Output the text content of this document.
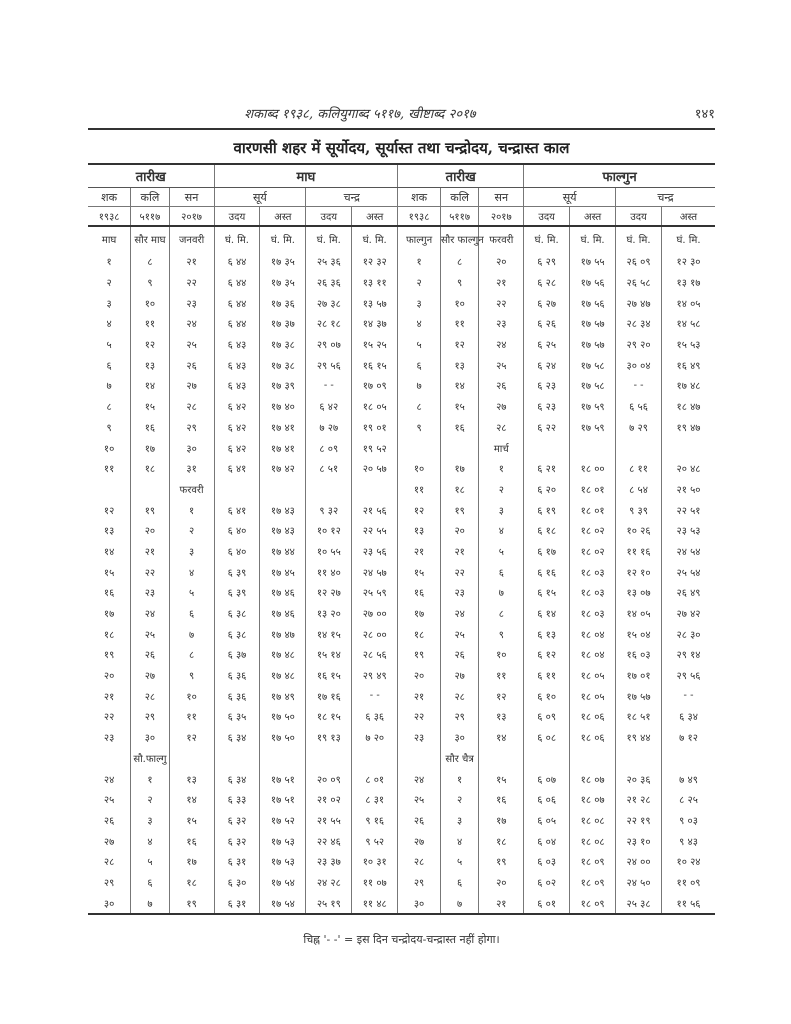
शकाब्द १९३८, कलियुगाब्द ५११७, खीष्टाब्द २०१७	१४१
वारणसी शहर में सूर्योदय, सूर्यास्त तथा चन्द्रोदय, चन्द्रास्त काल
तारीख			माघ				तारीख			फाल्गुन			
शक	कलि	सन	सूर्य		चन्द्र		शक	कलि	सन	सूर्य		चन्द्र	
१९३८	५११७	२०१७	उदय	अस्त	उदय	अस्त	१९३८	५११७	२०१७	उदय	अस्त	उदय	अस्त
माघ	सौर माघ	जनवरी	घं. मि.	घं. मि.	घं. मि.	घं. मि.	फाल्गुन	सौर फाल्गुन	फरवरी	घं. मि.	घं. मि.	घं. मि.	घं. मि.
१	८	२१	६ ४४	१७ ३५	२५ ३६	१२ ३२	१	८	२०	६ २९	१७ ५५	२६ ०९	१२ ३०
२	९	२२	६ ४४	१७ ३५	२६ ३६	१३ ११	२	९	२१	६ २८	१७ ५६	२६ ५८	१३ १७
३	१०	२३	६ ४४	१७ ३६	२७ ३८	१३ ५७	३	१०	२२	६ २७	१७ ५६	२७ ४७	१४ ०५
४	११	२४	६ ४४	१७ ३७	२८ १८	१४ ३७	४	११	२३	६ २६	१७ ५७	२८ ३४	१४ ५८
५	१२	२५	६ ४३	१७ ३८	२९ ०७	१५ २५	५	१२	२४	६ २५	१७ ५७	२९ २०	१५ ५३
६	१३	२६	६ ४३	१७ ३८	२९ ५६	१६ १५	६	१३	२५	६ २४	१७ ५८	३० ०४	१६ ४९
७	१४	२७	६ ४३	१७ ३९	- -	१७ ०९	७	१४	२६	६ २३	१७ ५८	- -	१७ ४८
८	१५	२८	६ ४२	१७ ४०	६ ४२	१८ ०५	८	१५	२७	६ २३	१७ ५९	६ ५६	१८ ४७
९	१६	२९	६ ४२	१७ ४१	७ २७	१९ ०१	९	१६	२८	६ २२	१७ ५९	७ २९	१९ ४७
१०	१७	३०	६ ४२	१७ ४१	८ ०९	१९ ५२			मार्च				
११	१८	३१	६ ४१	१७ ४२	८ ५१	२० ५७	१०	१७	१	६ २१	१८ ००	८ ११	२० ४८
		फरवरी					११	१८	२	६ २०	१८ ०१	८ ५४	२१ ५०
१२	१९	१	६ ४१	१७ ४३	९ ३२	२१ ५६	१२	१९	३	६ १९	१८ ०१	९ ३९	२२ ५१
१३	२०	२	६ ४०	१७ ४३	१० १२	२२ ५५	१३	२०	४	६ १८	१८ ०२	१० २६	२३ ५३
१४	२१	३	६ ४०	१७ ४४	१० ५५	२३ ५६	२१	२१	५	६ १७	१८ ०२	११ १६	२४ ५४
१५	२२	४	६ ३९	१७ ४५	११ ४०	२४ ५७	१५	२२	६	६ १६	१८ ०३	१२ १०	२५ ५४
१६	२३	५	६ ३९	१७ ४६	१२ २७	२५ ५९	१६	२३	७	६ १५	१८ ०३	१३ ०७	२६ ४९
१७	२४	६	६ ३८	१७ ४६	१३ २०	२७ ००	१७	२४	८	६ १४	१८ ०३	१४ ०५	२७ ४२
१८	२५	७	६ ३८	१७ ४७	१४ १५	२८ ००	१८	२५	९	६ १३	१८ ०४	१५ ०४	२८ ३०
१९	२६	८	६ ३७	१७ ४८	१५ १४	२८ ५६	१९	२६	१०	६ १२	१८ ०४	१६ ०३	२९ १४
२०	२७	९	६ ३६	१७ ४८	१६ १५	२९ ४९	२०	२७	११	६ ११	१८ ०५	१७ ०१	२९ ५६
२१	२८	१०	६ ३६	१७ ४९	१७ १६	- -	२१	२८	१२	६ १०	१८ ०५	१७ ५७	- -
२२	२९	११	६ ३५	१७ ५०	१८ १५	६ ३६	२२	२९	१३	६ ०९	१८ ०६	१८ ५१	६ ३४
२३	३०	१२	६ ३४	१७ ५०	१९ १३	७ २०	२३	३०	१४	६ ०८	१८ ०६	१९ ४४	७ १२
	सौ.फाल्गु							सौर चैत्र					
२४	१	१३	६ ३४	१७ ५१	२० ०९	८ ०१	२४	१	१५	६ ०७	१८ ०७	२० ३६	७ ४९
२५	२	१४	६ ३३	१७ ५१	२१ ०२	८ ३१	२५	२	१६	६ ०६	१८ ०७	२१ २८	८ २५
२६	३	१५	६ ३२	१७ ५२	२१ ५५	९ १६	२६	३	१७	६ ०५	१८ ०८	२२ १९	९ ०३
२७	४	१६	६ ३२	१७ ५३	२२ ४६	९ ५२	२७	४	१८	६ ०४	१८ ०८	२३ १०	९ ४३
२८	५	१७	६ ३१	१७ ५३	२३ ३७	१० ३१	२८	५	१९	६ ०३	१८ ०९	२४ ००	१० २४
२९	६	१८	६ ३०	१७ ५४	२४ २८	११ ०७	२९	६	२०	६ ०२	१८ ०९	२४ ५०	११ ०९
३०	७	१९	६ ३१	१७ ५४	२५ १९	११ ४८	३०	७	२१	६ ०१	१८ ०९	२५ ३८	११ ५६
चिह्न '- -' = इस दिन चन्द्रोदय-चन्द्रास्त नहीं होगा।
